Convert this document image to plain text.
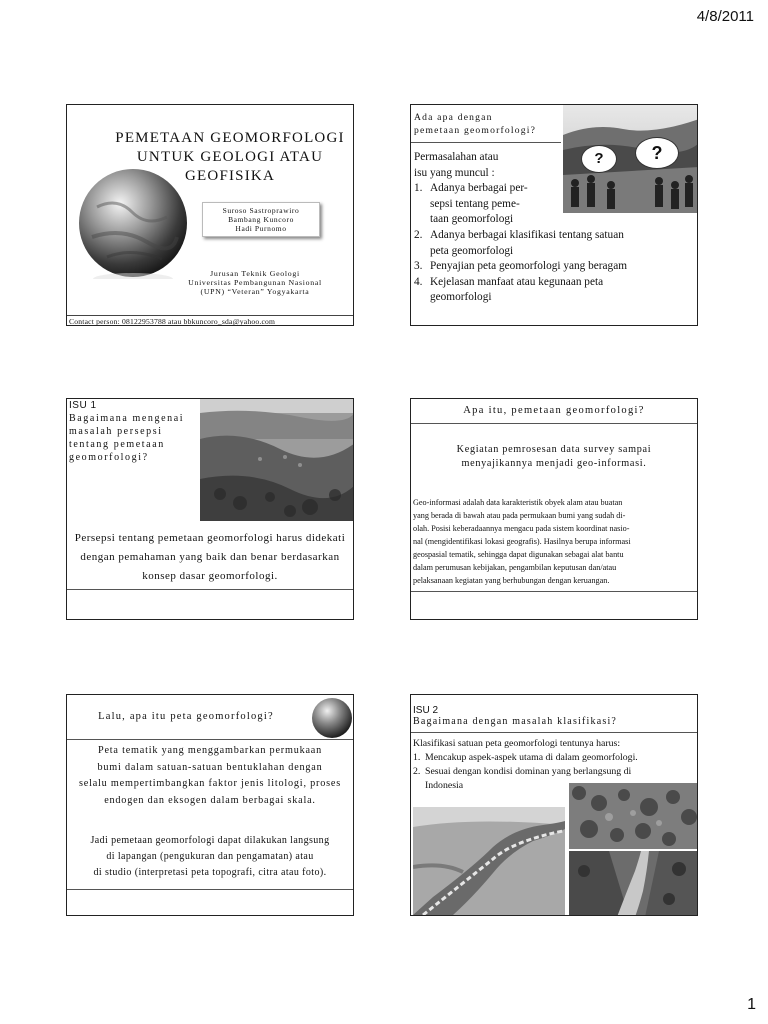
4/8/2011
1
PEMETAAN GEOMORFOLOGI
UNTUK GEOLOGI ATAU
GEOFISIKA
Suroso Sastroprawiro
Bambang Kuncoro
Hadi Purnomo
Jurusan Teknik Geologi
Universitas Pembangunan Nasional
(UPN) “Veteran” Yogyakarta
Contact person: 08122953788 atau bbkuncoro_sda@yahoo.com
Ada apa dengan
pemetaan geomorfologi?
?	?
Permasalahan atau
isu yang muncul :
1. Adanya berbagai per-
sepsi tentang peme-
taan geomorfologi
2. Adanya berbagai klasifikasi tentang satuan
peta geomorfologi
3. Penyajian peta geomorfologi yang beragam
4. Kejelasan manfaat atau kegunaan peta
geomorfologi
ISU 1
Bagaimana mengenai
masalah persepsi
tentang pemetaan
geomorfologi?
Persepsi tentang pemetaan geomorfologi harus didekati
dengan pemahaman yang baik dan benar berdasarkan
konsep dasar geomorfologi.
Apa itu, pemetaan geomorfologi?
Kegiatan pemrosesan data survey sampai
menyajikannya menjadi geo-informasi.
Geo-informasi adalah data karakteristik obyek alam atau buatan
yang berada di bawah atau pada permukaan bumi yang sudah di-
olah. Posisi keberadaannya mengacu pada sistem koordinat nasio-
nal (mengidentifikasi lokasi geografis). Hasilnya berupa informasi
geospasial tematik, sehingga dapat digunakan sebagai alat bantu
dalam perumusan kebijakan, pengambilan keputusan dan/atau
pelaksanaan kegiatan yang berhubungan dengan keruangan.
Lalu, apa itu peta geomorfologi?
Peta tematik yang menggambarkan permukaan
bumi dalam satuan-satuan bentuklahan dengan
selalu mempertimbangkan faktor jenis litologi, proses
endogen dan eksogen dalam berbagai skala.
Jadi pemetaan geomorfologi dapat dilakukan langsung
di lapangan (pengukuran dan pengamatan) atau
di studio (interpretasi peta topografi, citra atau foto).
ISU 2
Bagaimana dengan masalah klasifikasi?
Klasifikasi satuan peta geomorfologi tentunya harus:
1. Mencakup aspek-aspek utama di dalam geomorfologi.
2. Sesuai dengan kondisi dominan yang berlangsung di
Indonesia
